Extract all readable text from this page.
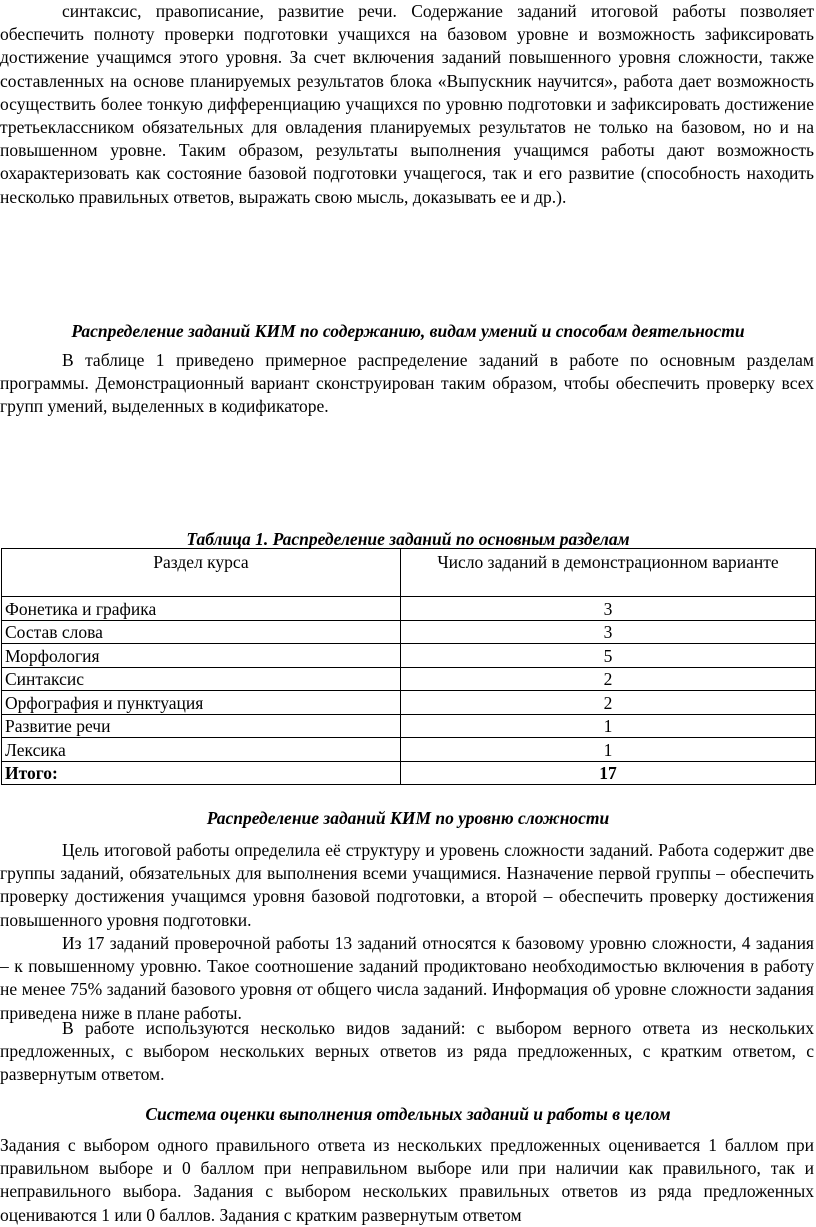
синтаксис, правописание, развитие речи. Содержание заданий итоговой работы позволяет обеспечить полноту проверки подготовки учащихся на базовом уровне и возможность зафиксировать достижение учащимся этого уровня. За счет включения заданий повышенного уровня сложности, также составленных на основе планируемых результатов блока «Выпускник научится», работа дает возможность осуществить более тонкую дифференциацию учащихся по уровню подготовки и зафиксировать достижение третьеклассником обязательных для овладения планируемых результатов не только на базовом, но и на повышенном уровне. Таким образом, результаты выполнения учащимся работы дают возможность охарактеризовать как состояние базовой подготовки учащегося, так и его развитие (способность находить несколько правильных ответов, выражать свою мысль, доказывать ее и др.).

Распределение заданий КИМ по содержанию, видам умений и способам деятельности

В таблице 1 приведено примерное распределение заданий в работе по основным разделам программы. Демонстрационный вариант сконструирован таким образом, чтобы обеспечить проверку всех групп умений, выделенных в кодификаторе.

Таблица 1. Распределение заданий по основным разделам

Раздел курса	Число заданий в демонстрационном варианте
Фонетика и графика	3
Состав слова	3
Морфология	5
Синтаксис	2
Орфография и пунктуация	2
Развитие речи	1
Лексика	1
Итого:	17

Распределение заданий КИМ по уровню сложности

Цель итоговой работы определила её структуру и уровень сложности заданий. Работа содержит две группы заданий, обязательных для выполнения всеми учащимися. Назначение первой группы – обеспечить проверку достижения учащимся уровня базовой подготовки, а второй – обеспечить проверку достижения повышенного уровня подготовки.

Из 17 заданий проверочной работы 13 заданий относятся к базовому уровню сложности, 4 задания – к повышенному уровню. Такое соотношение заданий продиктовано необходимостью включения в работу не менее 75% заданий базового уровня от общего числа заданий. Информация об уровне сложности задания приведена ниже в плане работы.

В работе используются несколько видов заданий: с выбором верного ответа из нескольких предложенных, с выбором нескольких верных ответов из ряда предложенных, с кратким ответом, с развернутым ответом.

Система оценки выполнения отдельных заданий и работы в целом

Задания с выбором одного правильного ответа из нескольких предложенных оценивается 1 баллом при правильном выборе и 0 баллом при неправильном выборе или при наличии как правильного, так и неправильного выбора. Задания с выбором нескольких правильных ответов из ряда предложенных оцениваются 1 или 0 баллов. Задания с кратким развернутым ответом
